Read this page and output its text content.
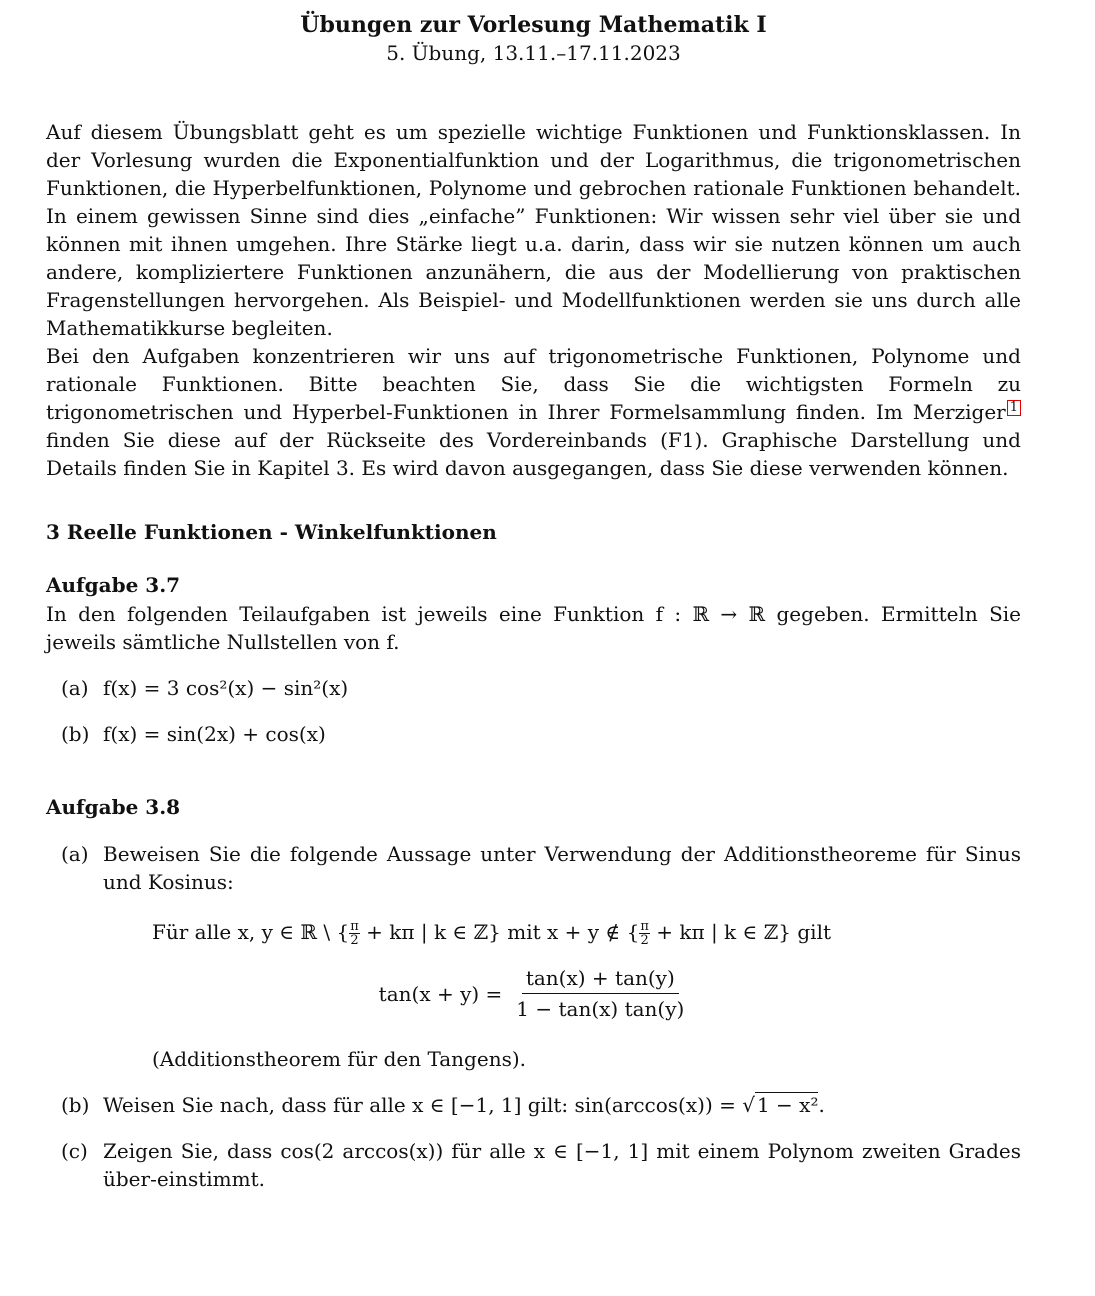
Übungen zur Vorlesung Mathematik I
5. Übung, 13.11.–17.11.2023

Auf diesem Übungsblatt geht es um spezielle wichtige Funktionen und Funktionsklassen. In der Vorlesung wurden die Exponentialfunktion und der Logarithmus, die trigonometrischen Funktionen, die Hyperbelfunktionen, Polynome und gebrochen rationale Funktionen behandelt. In einem gewissen Sinne sind dies „einfache” Funktionen: Wir wissen sehr viel über sie und können mit ihnen umgehen. Ihre Stärke liegt u.a. darin, dass wir sie nutzen können um auch andere, kompliziertere Funktionen anzunähern, die aus der Modellierung von praktischen Fragenstellungen hervorgehen. Als Beispiel- und Modellfunktionen werden sie uns durch alle Mathematikkurse begleiten.

Bei den Aufgaben konzentrieren wir uns auf trigonometrische Funktionen, Polynome und rationale Funktionen. Bitte beachten Sie, dass Sie die wichtigsten Formeln zu trigonometrischen und Hyperbel-Funktionen in Ihrer Formelsammlung finden. Im Merziger 1 finden Sie diese auf der Rückseite des Vordereinbands (F1). Graphische Darstellung und Details finden Sie in Kapitel 3. Es wird davon ausgegangen, dass Sie diese verwenden können.

3 Reelle Funktionen - Winkelfunktionen
Aufgabe 3.7

In den folgenden Teilaufgaben ist jeweils eine Funktion f : ℝ → ℝ gegeben. Ermitteln Sie jeweils sämtliche Nullstellen von f.

(a) f(x) = 3 cos²(x) − sin²(x)
(b) f(x) = sin(2x) + cos(x)
Aufgabe 3.8
(a) Beweisen Sie die folgende Aussage unter Verwendung der Additionstheoreme für Sinus und Kosinus:
Für alle x, y ∈ ℝ \ { $\frac{\pi}{2} + k\pi$ | k ∈ ℤ} mit x + y ∉ { $\frac{\pi}{2} + k\pi$ | k ∈ ℤ} gilt
$\tan(x + y) = \frac{\tan(x) + \tan(y)}{1 - \tan(x) \tan(y)}$
(Additionstheorem für den Tangens).
(b) Weisen Sie nach, dass für alle x ∈ [−1, 1] gilt: sin(arccos(x)) = √ 1 − x².
(c) Zeigen Sie, dass cos(2 arccos(x)) für alle x ∈ [−1, 1] mit einem Polynom zweiten Grades über-einstimmt.
